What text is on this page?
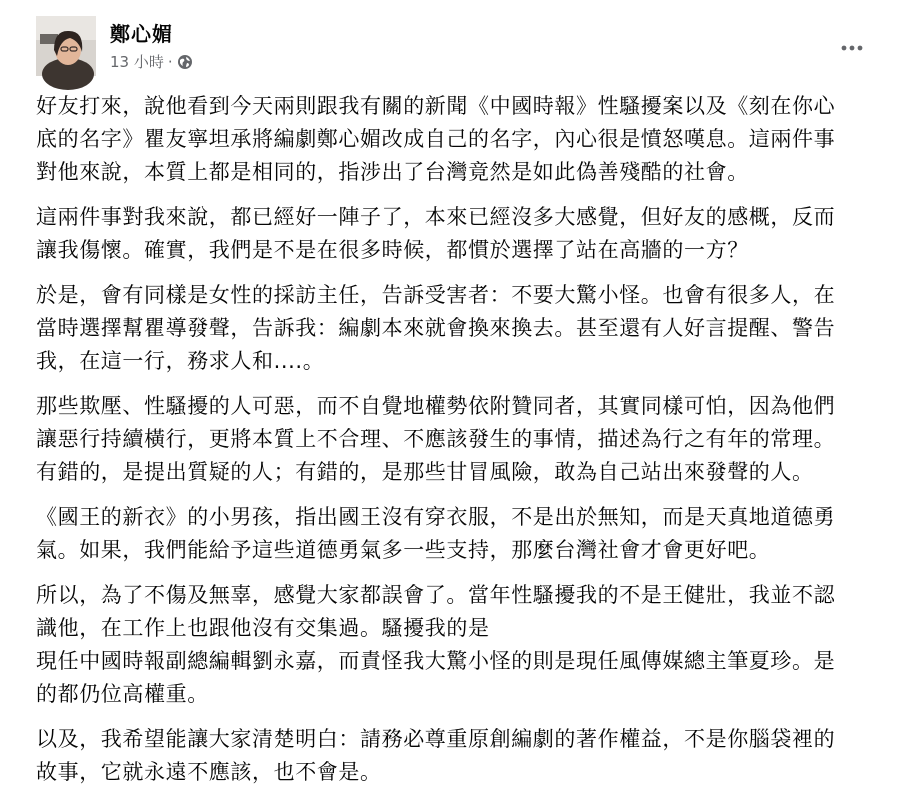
鄭心媚
13 小時 ·

好友打來，說他看到今天兩則跟我有關的新聞《中國時報》性騷擾案以及《刻在你心
底的名字》瞿友寧坦承將編劇鄭心媚改成自己的名字，內心很是憤怒嘆息。這兩件事
對他來說，本質上都是相同的，指涉出了台灣竟然是如此偽善殘酷的社會。

這兩件事對我來說，都已經好一陣子了，本來已經沒多大感覺，但好友的感概，反而
讓我傷懷。確實，我們是不是在很多時候，都慣於選擇了站在高牆的一方？

於是，會有同樣是女性的採訪主任，告訴受害者：不要大驚小怪。也會有很多人，在
當時選擇幫瞿導發聲，告訴我：編劇本來就會換來換去。甚至還有人好言提醒、警告
我，在這一行，務求人和....。

那些欺壓、性騷擾的人可惡，而不自覺地權勢依附贊同者，其實同樣可怕，因為他們
讓惡行持續橫行，更將本質上不合理、不應該發生的事情，描述為行之有年的常理。
有錯的，是提出質疑的人；有錯的，是那些甘冒風險，敢為自己站出來發聲的人。

《國王的新衣》的小男孩，指出國王沒有穿衣服，不是出於無知，而是天真地道德勇
氣。如果，我們能給予這些道德勇氣多一些支持，那麼台灣社會才會更好吧。

所以，為了不傷及無辜，感覺大家都誤會了。當年性騷擾我的不是王健壯，我並不認
識他，在工作上也跟他沒有交集過。騷擾我的是
現任中國時報副總編輯劉永嘉，而責怪我大驚小怪的則是現任風傳媒總主筆夏珍。是
的都仍位高權重。

以及，我希望能讓大家清楚明白：請務必尊重原創編劇的著作權益，不是你腦袋裡的
故事，它就永遠不應該，也不會是。
